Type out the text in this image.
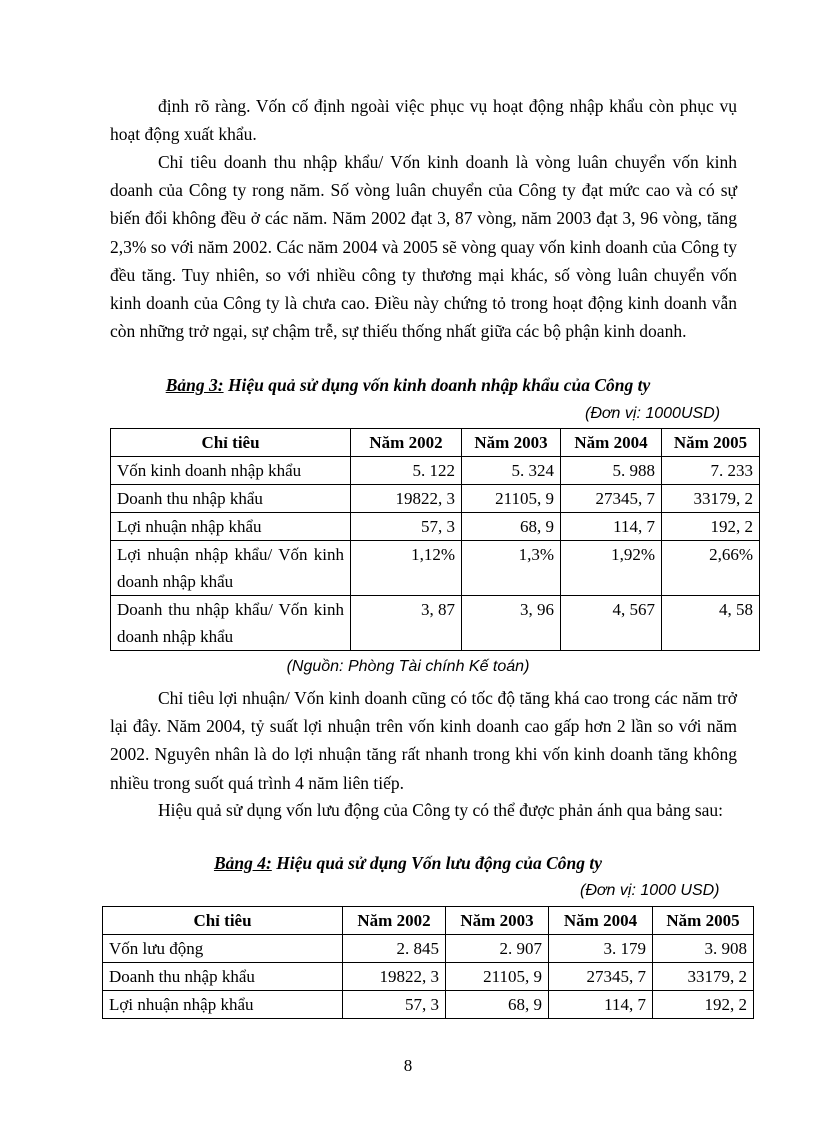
định rõ ràng. Vốn cố định ngoài việc phục vụ hoạt động nhập khẩu còn phục vụ hoạt động xuất khẩu.

Chỉ tiêu doanh thu nhập khẩu/ Vốn kinh doanh là vòng luân chuyển vốn kinh doanh của Công ty rong năm. Số vòng luân chuyển của Công ty đạt mức cao và có sự biến đổi không đều ở các năm. Năm 2002 đạt 3, 87 vòng, năm 2003 đạt 3, 96 vòng, tăng 2,3% so với năm 2002. Các năm 2004 và 2005 sẽ vòng quay vốn kinh doanh của Công ty đều tăng. Tuy nhiên, so với nhiều công ty thương mại khác, số vòng luân chuyển vốn kinh doanh của Công ty là chưa cao. Điều này chứng tỏ trong hoạt động kinh doanh vẫn còn những trở ngại, sự chậm trễ, sự thiếu thống nhất giữa các bộ phận kinh doanh.

Bảng 3: Hiệu quả sử dụng vốn kinh doanh nhập khẩu của Công ty

(Đơn vị: 1000USD)

Chỉ tiêu	Năm 2002	Năm 2003	Năm 2004	Năm 2005
Vốn kinh doanh nhập khẩu	5. 122	5. 324	5. 988	7. 233
Doanh thu nhập khẩu	19822, 3	21105, 9	27345, 7	33179, 2
Lợi nhuận nhập khẩu	57, 3	68, 9	114, 7	192, 2
Lợi nhuận nhập khẩu/ Vốn kinh doanh nhập khẩu	1,12%	1,3%	1,92%	2,66%
Doanh thu nhập khẩu/ Vốn kinh doanh nhập khẩu	3, 87	3, 96	4, 567	4, 58

(Nguồn: Phòng Tài chính Kế toán)

Chỉ tiêu lợi nhuận/ Vốn kinh doanh cũng có tốc độ tăng khá cao trong các năm trở lại đây. Năm 2004, tỷ suất lợi nhuận trên vốn kinh doanh cao gấp hơn 2 lần so với năm 2002. Nguyên nhân là do lợi nhuận tăng rất nhanh trong khi vốn kinh doanh tăng không nhiều trong suốt quá trình 4 năm liên tiếp.

Hiệu quả sử dụng vốn lưu động của Công ty có thể được phản ánh qua bảng sau:

Bảng 4: Hiệu quả sử dụng Vốn lưu động của Công ty

(Đơn vị: 1000 USD)

Chỉ tiêu	Năm 2002	Năm 2003	Năm 2004	Năm 2005
Vốn lưu động	2. 845	2. 907	3. 179	3. 908
Doanh thu nhập khẩu	19822, 3	21105, 9	27345, 7	33179, 2
Lợi nhuận nhập khẩu	57, 3	68, 9	114, 7	192, 2
8
